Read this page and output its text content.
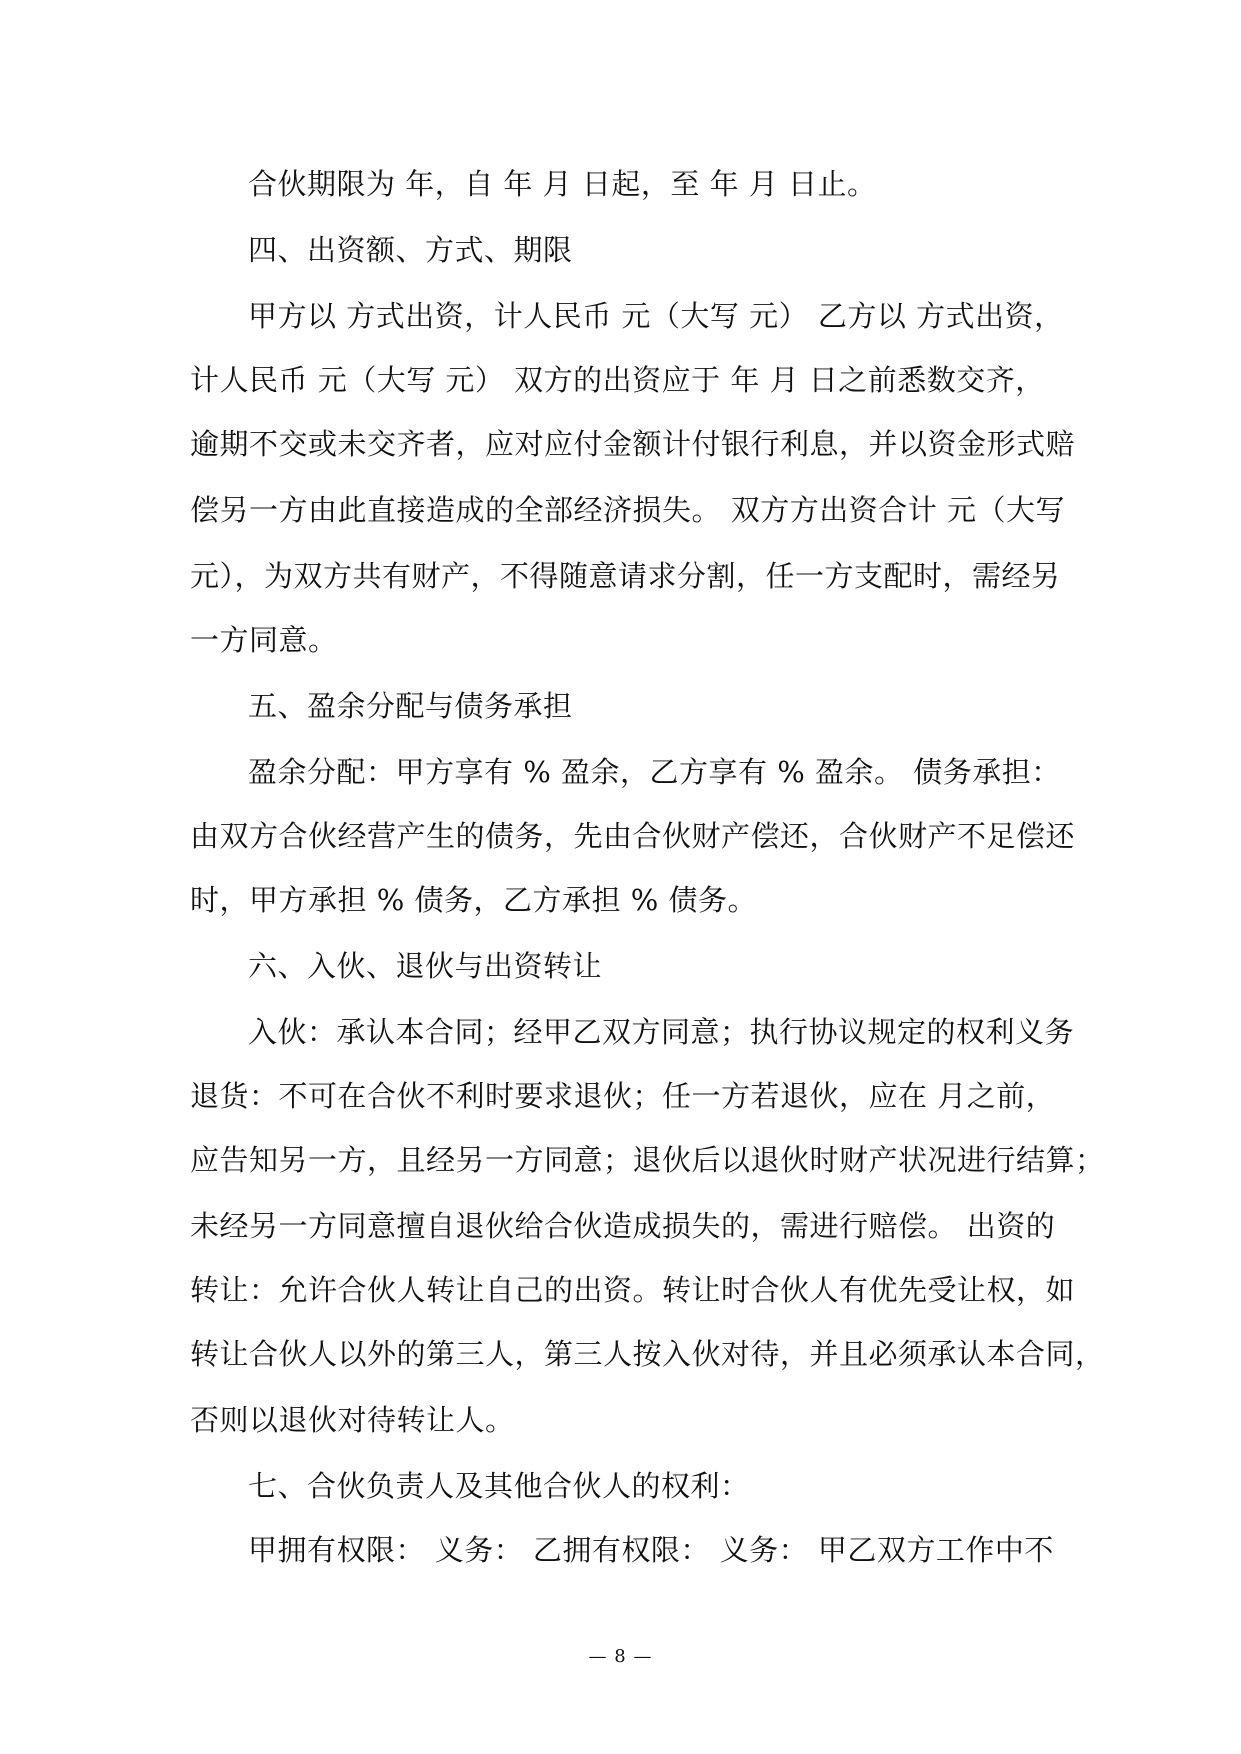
合伙期限为 年，自 年 月 日起，至 年 月 日止。
四、出资额、方式、期限
甲方以 方式出资，计人民币 元（大写 元） 乙方以 方式出资，
计人民币 元（大写 元） 双方的出资应于 年 月 日之前悉数交齐，
逾期不交或未交齐者，应对应付金额计付银行利息，并以资金形式赔
偿另一方由此直接造成的全部经济损失。 双方方出资合计 元（大写
元），为双方共有财产，不得随意请求分割，任一方支配时，需经另
一方同意。
五、盈余分配与债务承担
盈余分配：甲方享有 % 盈余，乙方享有 % 盈余。 债务承担：
由双方合伙经营产生的债务，先由合伙财产偿还，合伙财产不足偿还
时，甲方承担 % 债务，乙方承担 % 债务。
六、入伙、退伙与出资转让
入伙：承认本合同；经甲乙双方同意；执行协议规定的权利义务
退货：不可在合伙不利时要求退伙；任一方若退伙，应在 月之前，
应告知另一方，且经另一方同意；退伙后以退伙时财产状况进行结算；
未经另一方同意擅自退伙给合伙造成损失的，需进行赔偿。 出资的
转让：允许合伙人转让自己的出资。转让时合伙人有优先受让权，如
转让合伙人以外的第三人，第三人按入伙对待，并且必须承认本合同，
否则以退伙对待转让人。
七、合伙负责人及其他合伙人的权利：
甲拥有权限： 义务： 乙拥有权限： 义务： 甲乙双方工作中不
— 8 —
